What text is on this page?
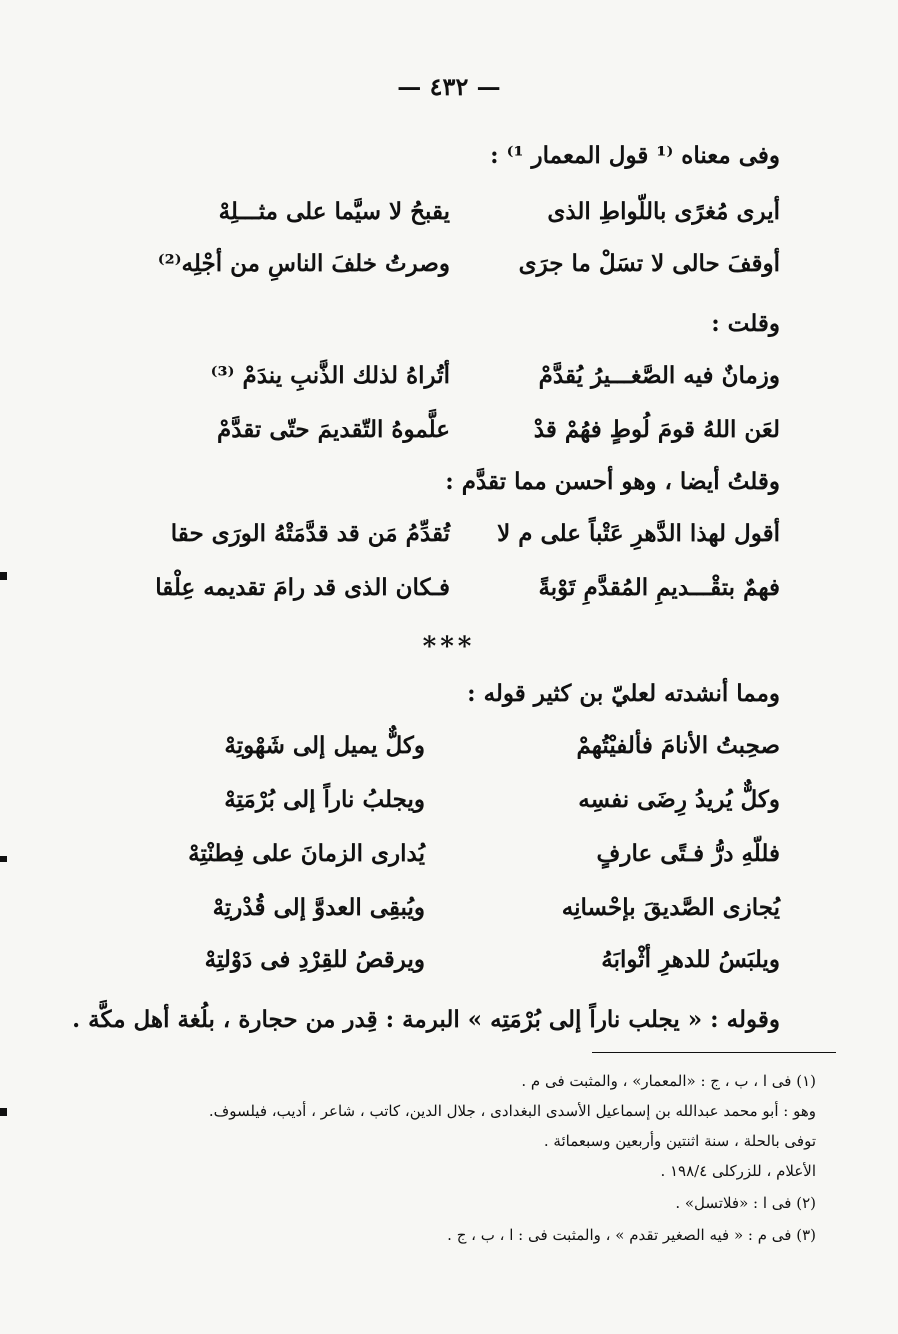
— ٤٣٢ —
وفى معناه ⁽¹ قول المعمار ¹⁾ :
أيرى مُغرًى باللّواطِ الذى
يقبحُ لا سيَّما على مثـــلِهْ
أوقفَ حالى لا تسَلْ ما جرَى
وصرتُ خلفَ الناسِ من أجْلِه⁽²⁾
وقلت :
وزمانٌ فيه الصَّغـــيرُ يُقدَّمْ
أتُراهُ لذلك الذَّنبِ يندَمْ ⁽³⁾
لعَن اللهُ قومَ لُوطٍ فهُمْ قدْ
علَّموهُ التّقديمَ حتّى تقدَّمْ
وقلتُ أيضا ، وهو أحسن مما تقدَّم :
أقول لهذا الدَّهرِ عَتْباً على م لا
تُقدِّمُ مَن قد قدَّمَتْهُ الورَى حقا
فهمٌ بتقْـــديمِ المُقدَّمِ تَوْبةً
فـكان الذى قد رامَ تقديمه عِلْقا
***
ومما أنشدته لعليّ بن كثير قوله :
صحِبتُ الأنامَ فألفيْتُهمْ
وكلٌّ يميل إلى شَهْوتِهْ
وكلٌّ يُريدُ رِضَى نفسِه
ويجلبُ ناراً إلى بُرْمَتِهْ
فللّهِ درُّ فـتًى عارفٍ
يُدارى الزمانَ على فِطنْتِهْ
يُجازى الصَّديقَ بإحْسانِه
ويُبقِى العدوَّ إلى قُدْرتِهْ
ويلبَسُ للدهرِ أثْوابَهُ
ويرقصُ للقِرْدِ فى دَوْلتِهْ
وقوله : « يجلب ناراً إلى بُرْمَتِه » البرمة : قِدر من حجارة ، بلُغة أهل مكَّة .
(١) فى ا ، ب ، ج : «المعمار» ، والمثبت فى م .
وهو : أبو محمد عبدالله بن إسماعيل الأسدى البغدادى ، جلال الدين، كاتب ، شاعر ، أديب، فيلسوف.
توفى بالحلة ، سنة اثنتين وأربعين وسبعمائة .
الأعلام ، للزركلى ١٩٨/٤ .
(٢) فى ا : «فلاتسل» .
(٣) فى م : « فيه الصغير تقدم » ، والمثبت فى : ا ، ب ، ج .
